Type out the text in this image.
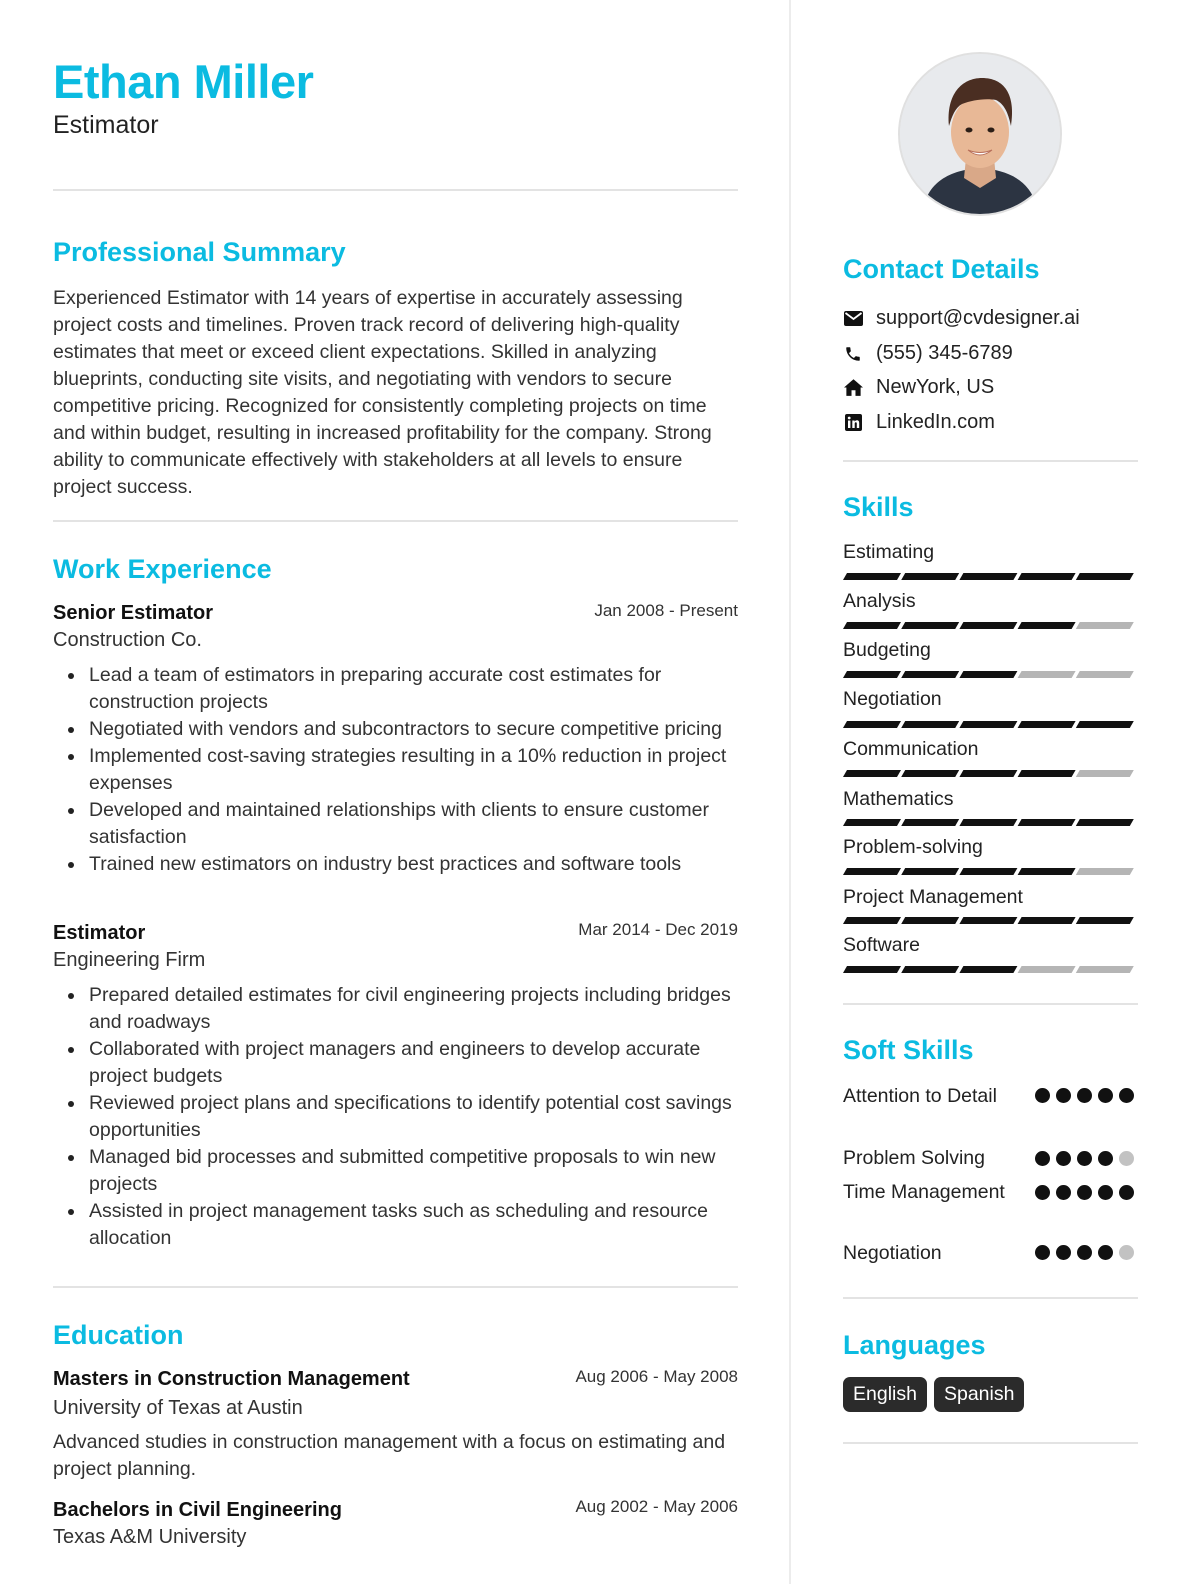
Ethan Miller
Estimator
Professional Summary

Experienced Estimator with 14 years of expertise in accurately assessing project costs and timelines. Proven track record of delivering high-quality estimates that meet or exceed client expectations. Skilled in analyzing blueprints, conducting site visits, and negotiating with vendors to secure competitive pricing. Recognized for consistently completing projects on time and within budget, resulting in increased profitability for the company. Strong ability to communicate effectively with stakeholders at all levels to ensure project success.

Work Experience
Senior Estimator	Jan 2008 - Present
Construction Co.
Lead a team of estimators in preparing accurate cost estimates for construction projects
Negotiated with vendors and subcontractors to secure competitive pricing
Implemented cost-saving strategies resulting in a 10% reduction in project expenses
Developed and maintained relationships with clients to ensure customer satisfaction
Trained new estimators on industry best practices and software tools
Estimator	Mar 2014 - Dec 2019
Engineering Firm
Prepared detailed estimates for civil engineering projects including bridges and roadways
Collaborated with project managers and engineers to develop accurate project budgets
Reviewed project plans and specifications to identify potential cost savings opportunities
Managed bid processes and submitted competitive proposals to win new projects
Assisted in project management tasks such as scheduling and resource allocation
Education
Masters in Construction Management	Aug 2006 - May 2008
University of Texas at Austin

Advanced studies in construction management with a focus on estimating and project planning.

Bachelors in Civil Engineering	Aug 2002 - May 2006
Texas A&M University
Contact Details
support@cvdesigner.ai
(555) 345-6789
NewYork, US
LinkedIn.com
Skills
Estimating
Analysis
Budgeting
Negotiation
Communication
Mathematics
Problem-solving
Project Management
Software
Soft Skills
Attention to Detail
Problem Solving
Time Management
Negotiation
Languages
English	Spanish
